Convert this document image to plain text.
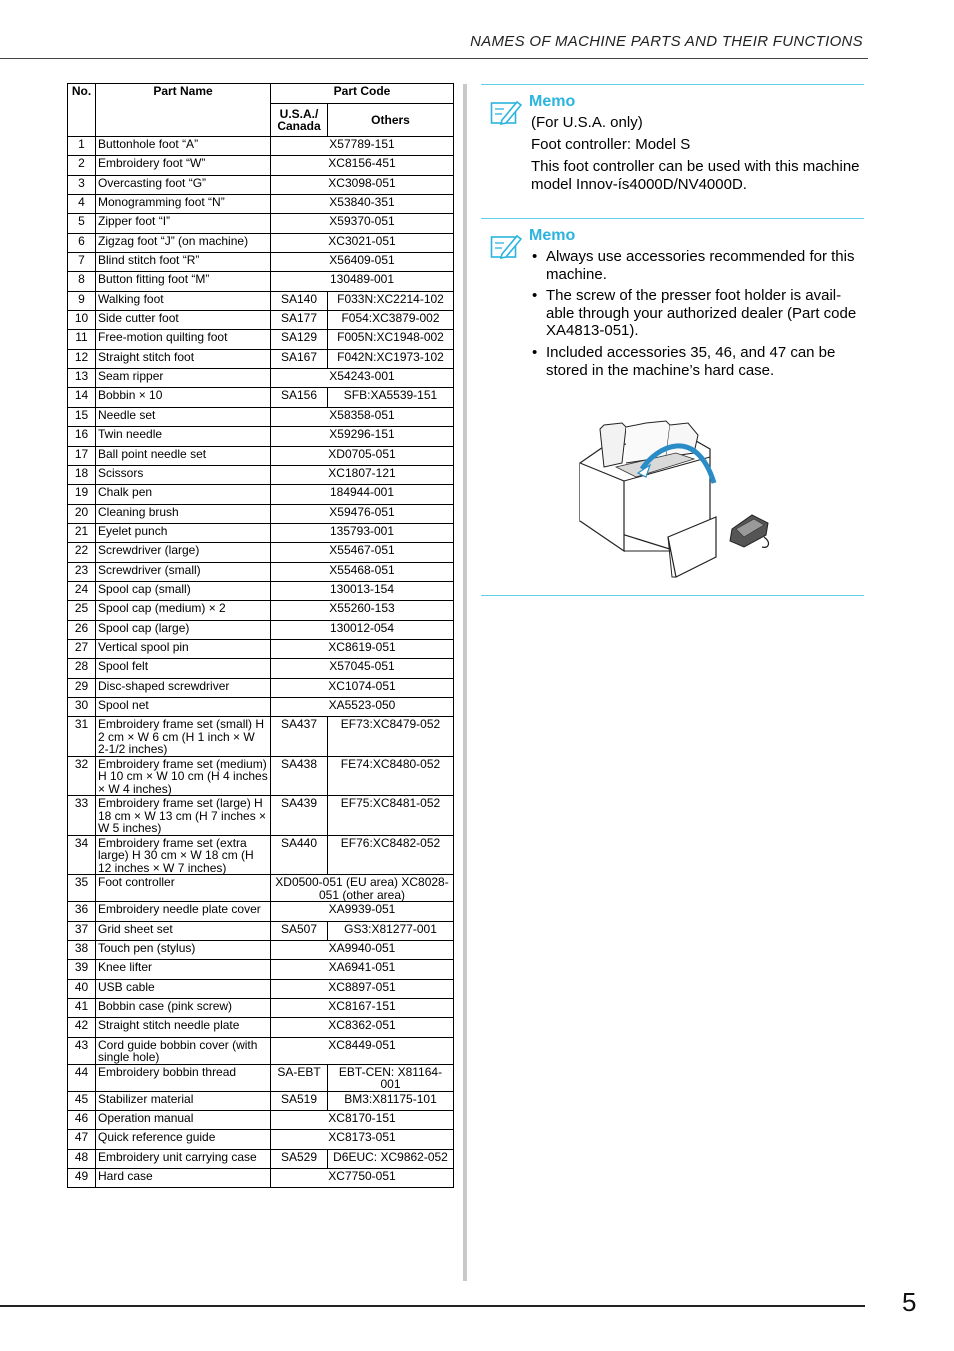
NAMES OF MACHINE PARTS AND THEIR FUNCTIONS
No.	Part Name	Part Code	
		U.S.A./ Canada	Others
1	Buttonhole foot “A”	X57789-151	
2	Embroidery foot “W”	XC8156-451	
3	Overcasting foot “G”	XC3098-051	
4	Monogramming foot “N”	X53840-351	
5	Zipper foot “I”	X59370-051	
6	Zigzag foot “J” (on machine)	XC3021-051	
7	Blind stitch foot “R”	X56409-051	
8	Button fitting foot “M”	130489-001	
9	Walking foot	SA140	F033N:XC2214-102
10	Side cutter foot	SA177	F054:XC3879-002
11	Free-motion quilting foot	SA129	F005N:XC1948-002
12	Straight stitch foot	SA167	F042N:XC1973-102
13	Seam ripper	X54243-001	
14	Bobbin × 10	SA156	SFB:XA5539-151
15	Needle set	X58358-051	
16	Twin needle	X59296-151	
17	Ball point needle set	XD0705-051	
18	Scissors	XC1807-121	
19	Chalk pen	184944-001	
20	Cleaning brush	X59476-051	
21	Eyelet punch	135793-001	
22	Screwdriver (large)	X55467-051	
23	Screwdriver (small)	X55468-051	
24	Spool cap (small)	130013-154	
25	Spool cap (medium) × 2	X55260-153	
26	Spool cap (large)	130012-054	
27	Vertical spool pin	XC8619-051	
28	Spool felt	X57045-051	
29	Disc-shaped screwdriver	XC1074-051	
30	Spool net	XA5523-050	
31	Embroidery frame set (small) H 2 cm × W 6 cm (H 1 inch × W 2-1/2 inches)	SA437	EF73:XC8479-052
32	Embroidery frame set (medium) H 10 cm × W 10 cm (H 4 inches × W 4 inches)	SA438	FE74:XC8480-052
33	Embroidery frame set (large) H 18 cm × W 13 cm (H 7 inches × W 5 inches)	SA439	EF75:XC8481-052
34	Embroidery frame set (extra large) H 30 cm × W 18 cm (H 12 inches × W 7 inches)	SA440	EF76:XC8482-052
35	Foot controller	XD0500-051 (EU area) XC8028-051 (other area)	
36	Embroidery needle plate cover	XA9939-051	
37	Grid sheet set	SA507	GS3:X81277-001
38	Touch pen (stylus)	XA9940-051	
39	Knee lifter	XA6941-051	
40	USB cable	XC8897-051	
41	Bobbin case (pink screw)	XC8167-151	
42	Straight stitch needle plate	XC8362-051	
43	Cord guide bobbin cover (with single hole)	XC8449-051	
44	Embroidery bobbin thread	SA-EBT	EBT-CEN: X81164-001
45	Stabilizer material	SA519	BM3:X81175-101
46	Operation manual	XC8170-151	
47	Quick reference guide	XC8173-051	
48	Embroidery unit carrying case	SA529	D6EUC: XC9862-052
49	Hard case	XC7750-051	
Memo

(For U.S.A. only)

Foot controller: Model S

This foot controller can be used with this machine model Innov-ís4000D/NV4000D.

Memo
• Always use accessories recommended for this machine.
• The screw of the presser foot holder is avail-able through your authorized dealer (Part code XA4813-051).
• Included accessories 35, 46, and 47 can be stored in the machine’s hard case.
5
